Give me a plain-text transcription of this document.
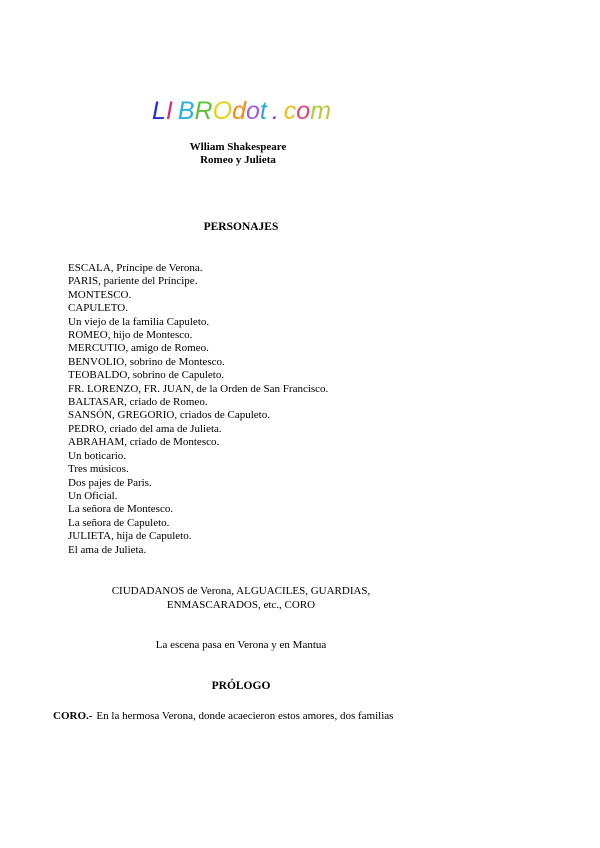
LI BROdot . com
Wlliam Shakespeare
Romeo y Julieta
PERSONAJES
ESCALA, Príncipe de Verona.
PARIS, pariente del Príncipe.
MONTESCO.
CAPULETO.
Un viejo de la familia Capuleto.
ROMEO, hijo de Montesco.
MERCUTIO, amigo de Romeo.
BENVOLIO, sobrino de Montesco.
TEOBALDO, sobrino de Capuleto.
FR. LORENZO, FR. JUAN, de la Orden de San Francisco.
BALTASAR, criado de Romeo.
SANSÓN, GREGORIO, criados de Capuleto.
PEDRO, criado del ama de Julieta.
ABRAHAM, criado de Montesco.
Un boticario.
Tres músicos.
Dos pajes de Paris.
Un Oficial.
La señora de Montesco.
La señora de Capuleto.
JULIETA, hija de Capuleto.
El ama de Julieta.
CIUDADANOS de Verona, ALGUACILES, GUARDIAS,
ENMASCARADOS, etc., CORO
La escena pasa en Verona y en Mantua
PRÓLOGO
CORO.- En la hermosa Verona, donde acaecieron estos amores, dos familias
